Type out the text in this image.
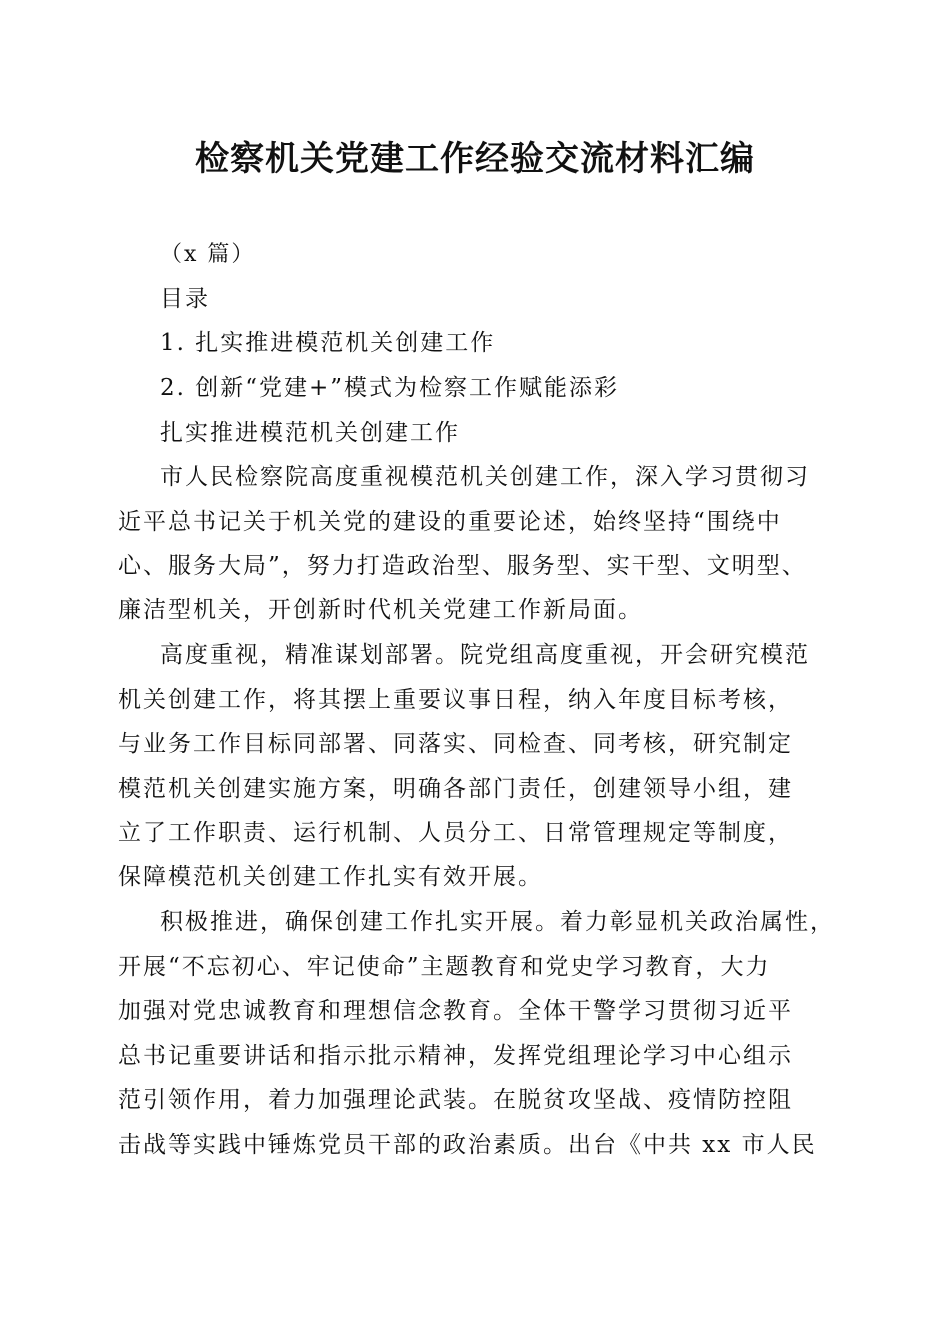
检察机关党建工作经验交流材料汇编
（x 篇）
目录
1. 扎实推进模范机关创建工作
2. 创新“党建+”模式为检察工作赋能添彩
扎实推进模范机关创建工作
市人民检察院高度重视模范机关创建工作，深入学习贯彻习
近平总书记关于机关党的建设的重要论述，始终坚持“围绕中
心、服务大局”，努力打造政治型、服务型、实干型、文明型、
廉洁型机关，开创新时代机关党建工作新局面。
高度重视，精准谋划部署。院党组高度重视，开会研究模范
机关创建工作，将其摆上重要议事日程，纳入年度目标考核，
与业务工作目标同部署、同落实、同检查、同考核，研究制定
模范机关创建实施方案，明确各部门责任，创建领导小组，建
立了工作职责、运行机制、人员分工、日常管理规定等制度，
保障模范机关创建工作扎实有效开展。
积极推进，确保创建工作扎实开展。着力彰显机关政治属性，
开展“不忘初心、牢记使命”主题教育和党史学习教育，大力
加强对党忠诚教育和理想信念教育。全体干警学习贯彻习近平
总书记重要讲话和指示批示精神，发挥党组理论学习中心组示
范引领作用，着力加强理论武装。在脱贫攻坚战、疫情防控阻
击战等实践中锤炼党员干部的政治素质。出台《中共 xx 市人民
